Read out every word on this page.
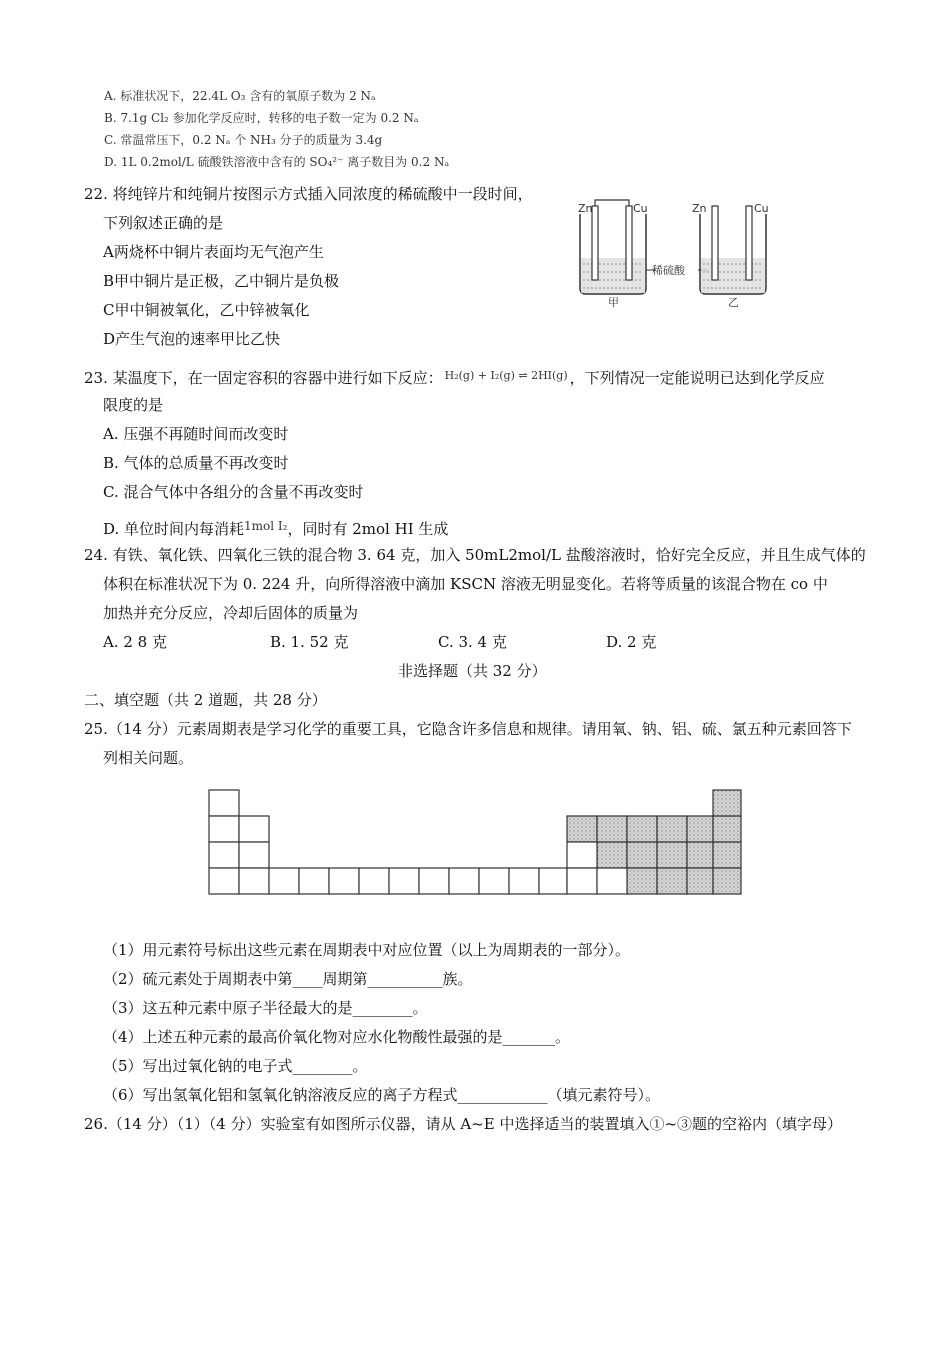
A. 标准状况下，22.4L O₃ 含有的氧原子数为 2 Nₐ
B. 7.1g Cl₂ 参加化学反应时，转移的电子数一定为 0.2 Nₐ
C. 常温常压下，0.2 Nₐ 个 NH₃ 分子的质量为 3.4g
D. 1L 0.2mol/L 硫酸铁溶液中含有的 SO₄²⁻ 离子数目为 0.2 Nₐ
22. 将纯锌片和纯铜片按图示方式插入同浓度的稀硫酸中一段时间，
下列叙述正确的是
A两烧杯中铜片表面均无气泡产生
B甲中铜片是正极，乙中铜片是负极
C甲中铜被氧化，乙中锌被氧化
D产生气泡的速率甲比乙快
Zn	Cu
甲
稀硫酸
Zn	Cu
乙
23. 某温度下，在一固定容积的容器中进行如下反应： $^{H_2(g) + I_2(g) \rightleftharpoons 2HI(g)}$ ，下列情况一定能说明已达到化学反应
限度的是
A. 压强不再随时间而改变时
B. 气体的总质量不再改变时
C. 混合气体中各组分的含量不再改变时
D. 单位时间内每消耗$^{1mol I_2}$，同时有 2mol HI 生成
24. 有铁、氧化铁、四氧化三铁的混合物 3. 64 克，加入 50mL2mol/L 盐酸溶液时，恰好完全反应，并且生成气体的
体积在标准状况下为 0. 224 升，向所得溶液中滴加 KSCN 溶液无明显变化。若将等质量的该混合物在 co 中
加热并充分反应，冷却后固体的质量为
A. 2 8 克	B. 1. 52 克	C. 3. 4 克	D. 2 克
非选择题（共 32 分）
二、填空题（共 2 道题，共 28 分）
25.（14 分）元素周期表是学习化学的重要工具，它隐含许多信息和规律。请用氧、钠、铝、硫、氯五种元素回答下
列相关问题。
（1）用元素符号标出这些元素在周期表中对应位置（以上为周期表的一部分）。
（2）硫元素处于周期表中第____周期第__________族。
（3）这五种元素中原子半径最大的是________。
（4）上述五种元素的最高价氧化物对应水化物酸性最强的是_______。
（5）写出过氧化钠的电子式________。
（6）写出氢氧化铝和氢氧化钠溶液反应的离子方程式____________（填元素符号）。
26.（14 分）（1）（4 分）实验室有如图所示仪器，请从 A~E 中选择适当的装置填入①~③题的空裕内（填字母）
